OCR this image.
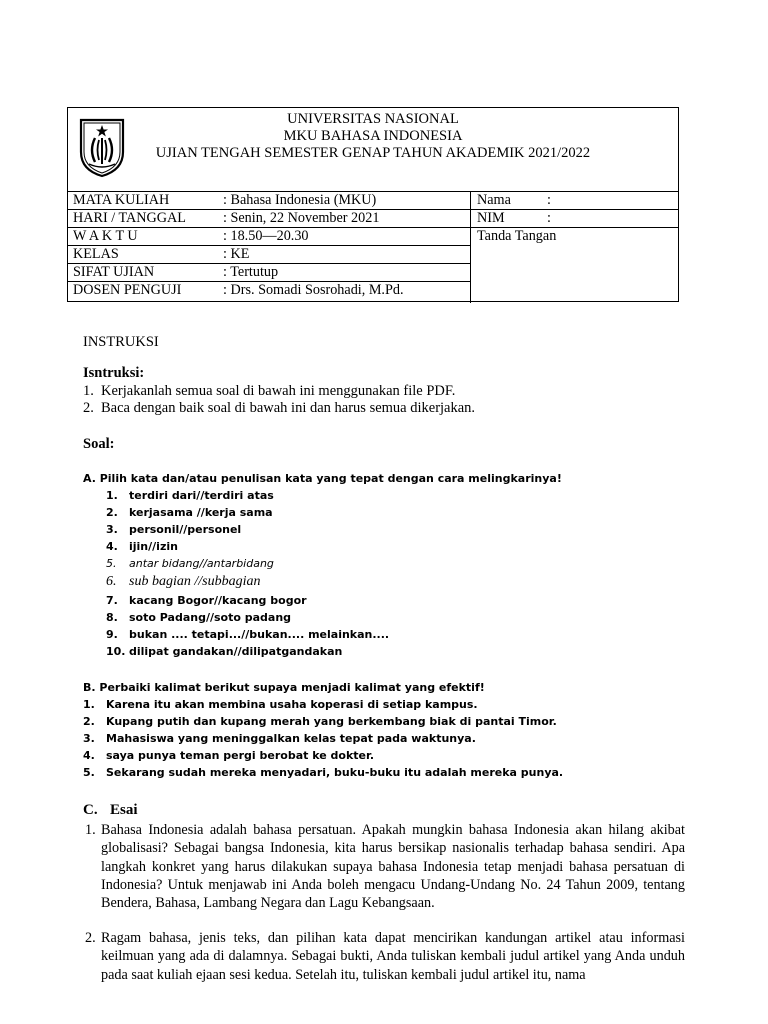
UNIVERSITAS NASIONAL
MKU BAHASA INDONESIA
UJIAN TENGAH SEMESTER GENAP TAHUN AKADEMIK 2021/2022
MATA KULIAH	: Bahasa Indonesia (MKU)
HARI / TANGGAL	: Senin, 22 November 2021
W A K T U	: 18.50—20.30
KELAS	: KE
SIFAT UJIAN	: Tertutup
DOSEN PENGUJI	: Drs. Somadi Sosrohadi, M.Pd.
Nama	:
NIM	:
Tanda Tangan
INSTRUKSI
Isntruksi:
1. Kerjakanlah semua soal di bawah ini menggunakan file PDF.
2. Baca dengan baik soal di bawah ini dan harus semua dikerjakan.
Soal:
A. Pilih kata dan/atau penulisan kata yang tepat dengan cara melingkarinya!
1. terdiri dari//terdiri atas
2. kerjasama //kerja sama
3. personil//personel
4. ijin//izin
5. antar bidang//antarbidang
6. sub bagian //subbagian
7. kacang Bogor//kacang bogor
8. soto Padang//soto padang
9. bukan .... tetapi...//bukan.... melainkan....
10. dilipat gandakan//dilipatgandakan
B. Perbaiki kalimat berikut supaya menjadi kalimat yang efektif!
1. Karena itu akan membina usaha koperasi di setiap kampus.
2. Kupang putih dan kupang merah yang berkembang biak di pantai Timor.
3. Mahasiswa yang meninggalkan kelas tepat pada waktunya.
4. saya punya teman pergi berobat ke dokter.
5. Sekarang sudah mereka menyadari, buku-buku itu adalah mereka punya.
C. Esai
1. Bahasa Indonesia adalah bahasa persatuan. Apakah mungkin bahasa Indonesia akan hilang akibat globalisasi? Sebagai bangsa Indonesia, kita harus bersikap nasionalis terhadap bahasa sendiri. Apa langkah konkret yang harus dilakukan supaya bahasa Indonesia tetap menjadi bahasa persatuan di Indonesia? Untuk menjawab ini Anda boleh mengacu Undang-Undang No. 24 Tahun 2009, tentang Bendera, Bahasa, Lambang Negara dan Lagu Kebangsaan.
2. Ragam bahasa, jenis teks, dan pilihan kata dapat mencirikan kandungan artikel atau informasi keilmuan yang ada di dalamnya. Sebagai bukti, Anda tuliskan kembali judul artikel yang Anda unduh pada saat kuliah ejaan sesi kedua. Setelah itu, tuliskan kembali judul artikel itu, nama
